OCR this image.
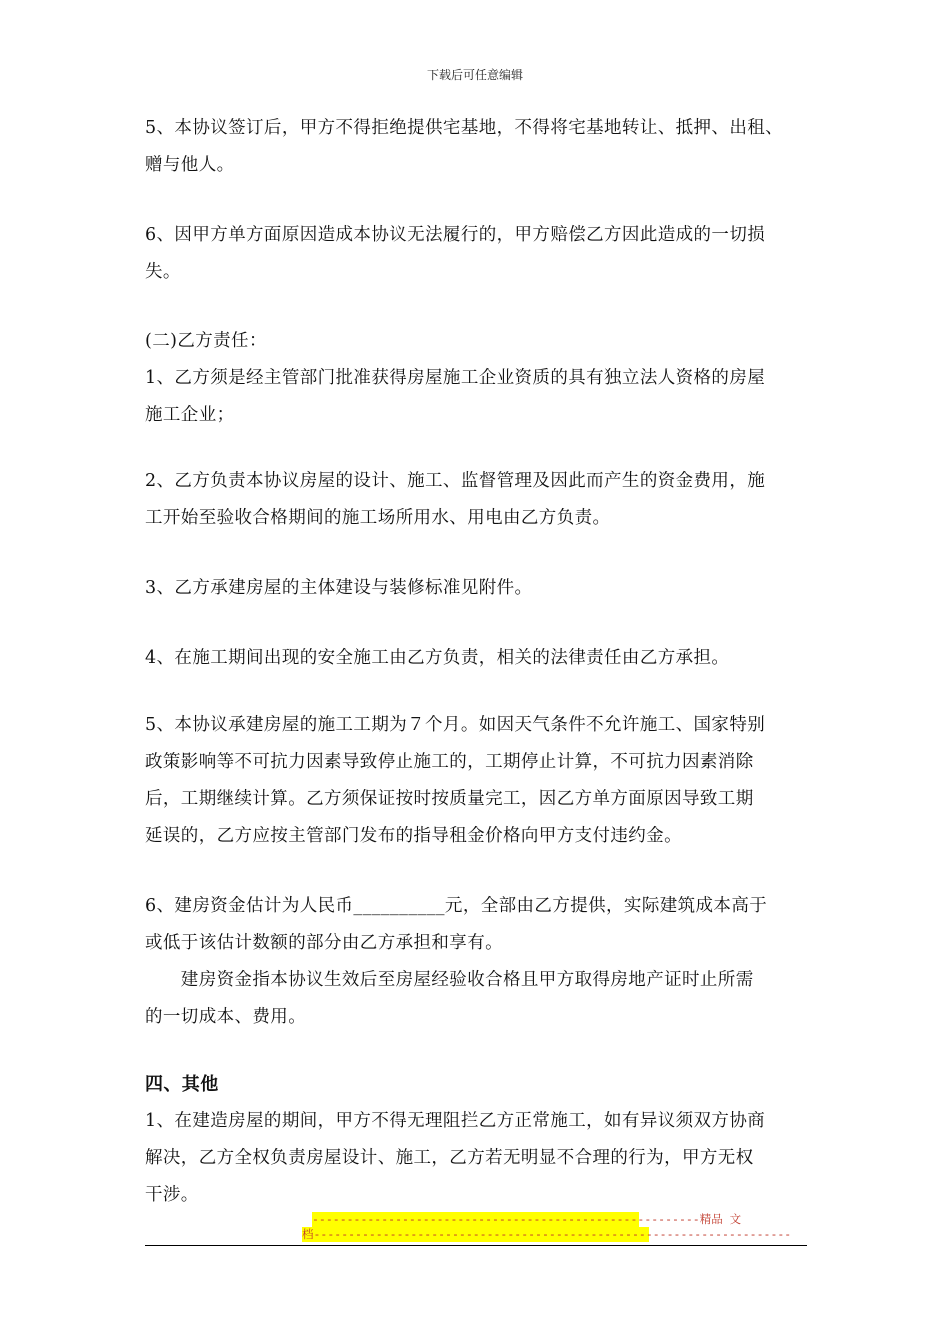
下载后可任意编辑

5、本协议签订后，甲方不得拒绝提供宅基地，不得将宅基地转让、抵押、出租、
赠与他人。

6、因甲方单方面原因造成本协议无法履行的，甲方赔偿乙方因此造成的一切损
失。

(二)乙方责任：
1、乙方须是经主管部门批准获得房屋施工企业资质的具有独立法人资格的房屋
施工企业；

2、乙方负责本协议房屋的设计、施工、监督管理及因此而产生的资金费用，施
工开始至验收合格期间的施工场所用水、用电由乙方负责。

3、乙方承建房屋的主体建设与装修标准见附件。

4、在施工期间出现的安全施工由乙方负责，相关的法律责任由乙方承担。

5、本协议承建房屋的施工工期为７个月。如因天气条件不允许施工、国家特别
政策影响等不可抗力因素导致停止施工的，工期停止计算，不可抗力因素消除
后，工期继续计算。乙方须保证按时按质量完工，因乙方单方面原因导致工期
延误的，乙方应按主管部门发布的指导租金价格向甲方支付违约金。

6、建房资金估计为人民币__________元，全部由乙方提供，实际建筑成本高于
或低于该估计数额的部分由乙方承担和享有。
　　建房资金指本协议生效后至房屋经验收合格且甲方取得房地产证时止所需
的一切成本、费用。

四、其他
1、在建造房屋的期间，甲方不得无理阻拦乙方正常施工，如有异议须双方协商
解决，乙方全权负责房屋设计、施工，乙方若无明显不合理的行为，甲方无权
干涉。

--------------------------------------------------------精品 文
档---------------------------------------------------------------------
